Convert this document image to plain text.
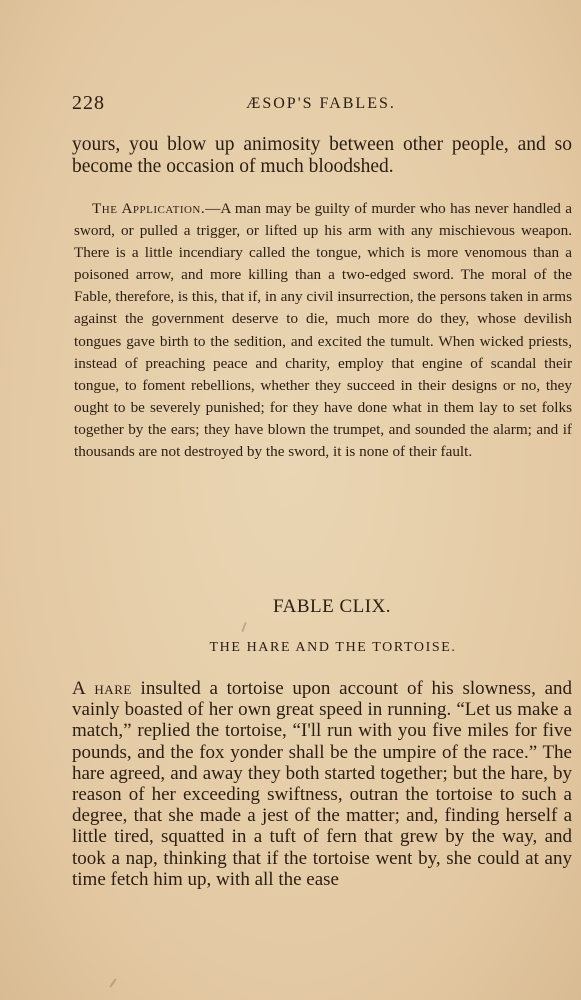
228	ÆSOP'S FABLES.

yours, you blow up animosity between other people, and so become the occasion of much bloodshed.

The Application.—A man may be guilty of murder who has never handled a sword, or pulled a trigger, or lifted up his arm with any mischievous weapon. There is a little incendiary called the tongue, which is more venomous than a poisoned arrow, and more killing than a two-edged sword. The moral of the Fable, therefore, is this, that if, in any civil insurrection, the persons taken in arms against the government deserve to die, much more do they, whose devilish tongues gave birth to the sedition, and excited the tumult. When wicked priests, instead of preaching peace and charity, employ that engine of scandal their tongue, to foment rebellions, whether they succeed in their designs or no, they ought to be severely punished; for they have done what in them lay to set folks together by the ears; they have blown the trumpet, and sounded the alarm; and if thousands are not destroyed by the sword, it is none of their fault.

FABLE CLIX.
THE HARE AND THE TORTOISE.

A hare insulted a tortoise upon account of his slowness, and vainly boasted of her own great speed in running. “Let us make a match,” replied the tortoise, “I'll run with you five miles for five pounds, and the fox yonder shall be the umpire of the race.” The hare agreed, and away they both started together; but the hare, by reason of her exceeding swiftness, outran the tortoise to such a degree, that she made a jest of the matter; and, finding herself a little tired, squatted in a tuft of fern that grew by the way, and took a nap, thinking that if the tortoise went by, she could at any time fetch him up, with all the ease
